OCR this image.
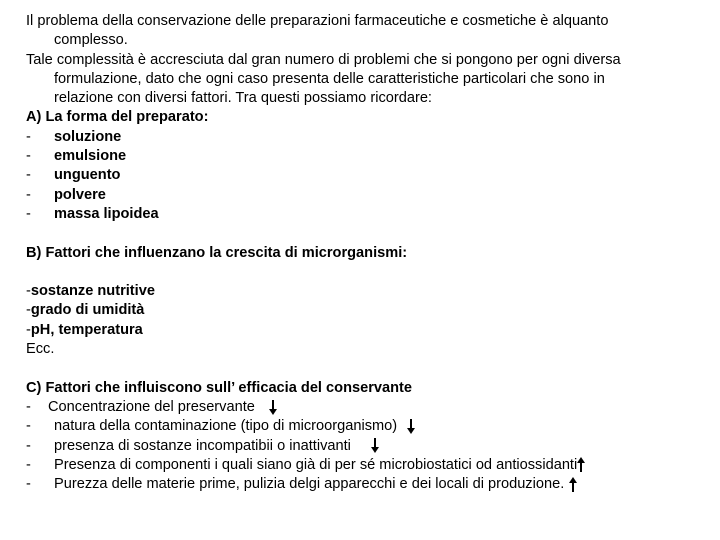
Il problema della conservazione delle preparazioni farmaceutiche e cosmetiche è alquanto
complesso.
Tale complessità è accresciuta dal gran numero di problemi che si pongono per ogni diversa
formulazione, dato che ogni caso presenta delle caratteristiche particolari che sono in
relazione con diversi fattori. Tra questi possiamo ricordare:
A) La forma del preparato:
- soluzione
- emulsione
- unguento
- polvere
- massa lipoidea
B) Fattori che influenzano la crescita di microrganismi:
-sostanze nutritive
-grado di umidità
-pH, temperatura
Ecc.
C) Fattori che influiscono sull’ efficacia del conservante
- Concentrazione del preservante
- natura della contaminazione (tipo di microorganismo)
- presenza di sostanze incompatibii o inattivanti
- Presenza di componenti i quali siano già di per sé microbiostatici od antiossidanti
- Purezza delle materie prime, pulizia delgi apparecchi e dei locali di produzione.
